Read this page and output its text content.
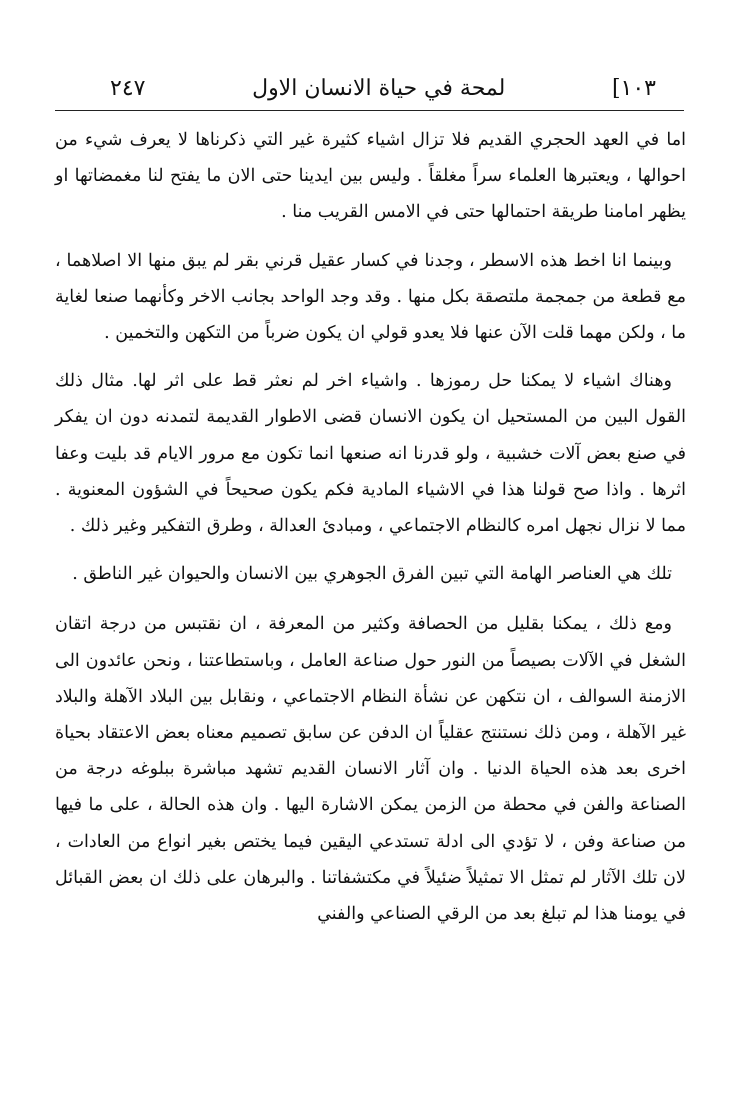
٢٤٧	لمحة في حياة الانسان الاول	[١٠٣

اما في العهد الحجري القديم فلا تزال اشياء كثيرة غير التي ذكرناها لا يعرف شيء من احوالها ، ويعتبرها العلماء سراً مغلقاً . وليس بين ايدينا حتى الان ما يفتح لنا مغمضاتها او يظهر امامنا طريقة احتمالها حتى في الامس القريب منا .

وبينما انا اخط هذه الاسطر ، وجدنا في كسار عقيل قرني بقر لم يبق منها الا اصلاهما ، مع قطعة من جمجمة ملتصقة بكل منها . وقد وجد الواحد بجانب الاخر وكأنهما صنعا لغاية ما ، ولكن مهما قلت الآن عنها فلا يعدو قولي ان يكون ضرباً من التكهن والتخمين .

وهناك اشياء لا يمكنا حل رموزها . واشياء اخر لم نعثر قط على اثر لها. مثال ذلك القول البين من المستحيل ان يكون الانسان قضى الاطوار القديمة لتمدنه دون ان يفكر في صنع بعض آلات خشبية ، ولو قدرنا انه صنعها انما تكون مع مرور الايام قد بليت وعفا اثرها . واذا صح قولنا هذا في الاشياء المادية فكم يكون صحيحاً في الشؤون المعنوية . مما لا نزال نجهل امره كالنظام الاجتماعي ، ومبادئ العدالة ، وطرق التفكير وغير ذلك .

تلك هي العناصر الهامة التي تبين الفرق الجوهري بين الانسان والحيوان غير الناطق .

ومع ذلك ، يمكنا بقليل من الحصافة وكثير من المعرفة ، ان نقتبس من درجة اتقان الشغل في الآلات بصيصاً من النور حول صناعة العامل ، وباستطاعتنا ، ونحن عائدون الى الازمنة السوالف ، ان نتكهن عن نشأة النظام الاجتماعي ، ونقابل بين البلاد الآهلة والبلاد غير الآهلة ، ومن ذلك نستنتج عقلياً ان الدفن عن سابق تصميم معناه بعض الاعتقاد بحياة اخرى بعد هذه الحياة الدنيا . وان آثار الانسان القديم تشهد مباشرة ببلوغه درجة من الصناعة والفن في محطة من الزمن يمكن الاشارة اليها . وان هذه الحالة ، على ما فيها من صناعة وفن ، لا تؤدي الى ادلة تستدعي اليقين فيما يختص بغير انواع من العادات ، لان تلك الآثار لم تمثل الا تمثيلاً ضئيلاً في مكتشفاتنا . والبرهان على ذلك ان بعض القبائل في يومنا هذا لم تبلغ بعد من الرقي الصناعي والفني
